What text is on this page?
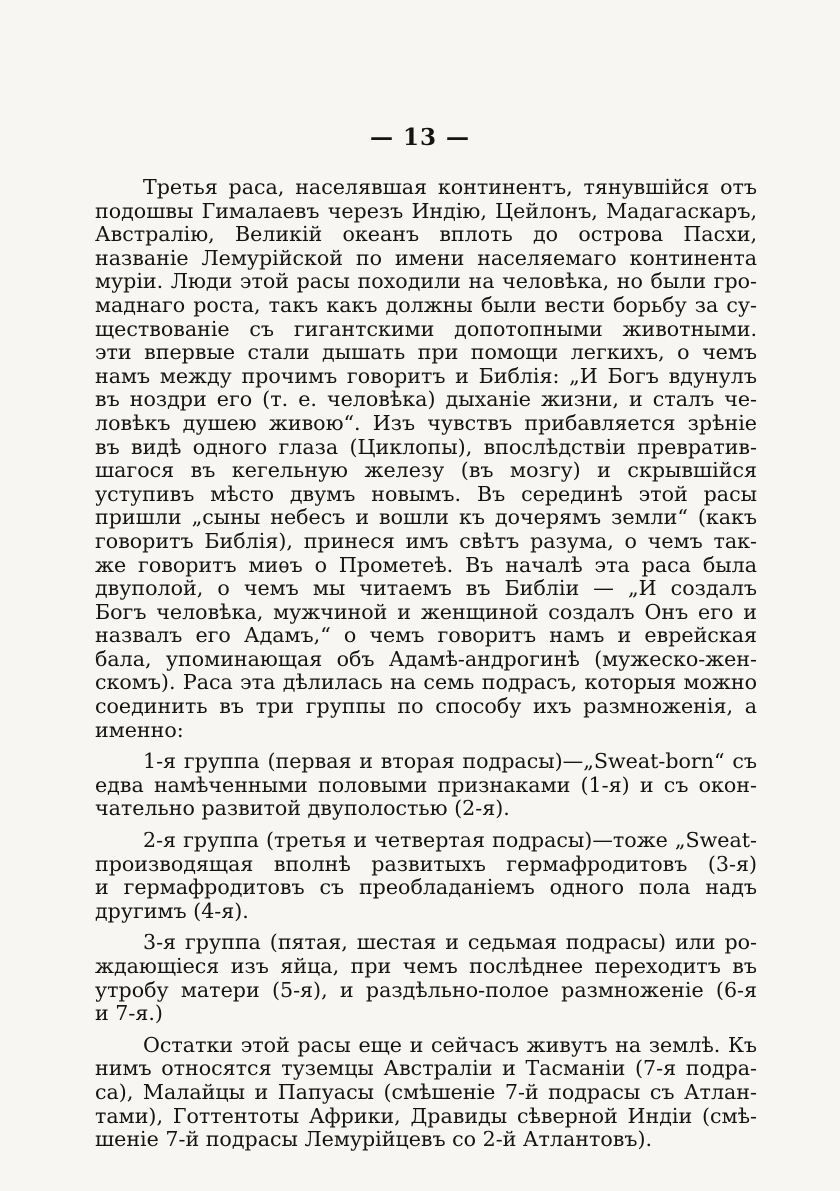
— 13 —
Третья раса, населявшая континентъ, тянувшійся отъ
подошвы Гималаевъ черезъ Индію, Цейлонъ, Мадагаскаръ,
Австралію, Великій океанъ вплоть до острова Пасхи,
названіе Лемурійской по имени населяемаго континента
муріи. Люди этой расы походили на человѣка, но были гро-
маднаго роста, такъ какъ должны были вести борьбу за су-
ществованіе съ гигантскими допотопными животными.
эти впервые стали дышать при помощи легкихъ, о чемъ
намъ между прочимъ говоритъ и Библія: „И Богъ вдунулъ
въ ноздри его (т. е. человѣка) дыханіе жизни, и сталъ че-
ловѣкъ душею живою“. Изъ чувствъ прибавляется зрѣніе
въ видѣ одного глаза (Циклопы), впослѣдствіи превратив-
шагося въ кегельную железу (въ мозгу) и скрывшійся
уступивъ мѣсто двумъ новымъ. Въ серединѣ этой расы
пришли „сыны небесъ и вошли къ дочерямъ земли“ (какъ
говоритъ Библія), принеся имъ свѣтъ разума, о чемъ так-
же говоритъ миѳъ о Прометеѣ. Въ началѣ эта раса былa
двуполой, о чемъ мы читаемъ въ Библіи — „И создалъ
Богъ человѣка, мужчиной и женщиной создалъ Онъ его и
назвалъ его Адамъ,“ о чемъ говоритъ намъ и еврейская
бала, упоминающая объ Адамѣ-андрогинѣ (мужеско-жен-
скомъ). Раса эта дѣлилась на семь подрасъ, которыя можно
соединить въ три группы по способу ихъ размноженія, а
именно:
1-я группа (первая и вторая подрасы)—„Sweat-born“ съ
едва намѣченными половыми признаками (1-я) и съ окон-
чательно развитой двуполостью (2-я).
2-я группа (третья и четвертая подрасы)—тоже „Sweat-
производящая вполнѣ развитыхъ гермафродитовъ (3-я)
и гермафродитовъ съ преобладаніемъ одного пола надъ
другимъ (4-я).
3-я группа (пятая, шестая и седьмая подрасы) или ро-
ждающіеся изъ яйца, при чемъ послѣднее переходитъ въ
утробу матери (5-я), и раздѣльно-полое размноженіе (6-я
и 7-я.)
Остатки этой расы еще и сейчасъ живутъ на землѣ. Къ
нимъ относятся туземцы Австраліи и Тасманіи (7-я подра-
са), Малайцы и Папуасы (смѣшеніе 7-й подрасы съ Атлан-
тами), Готтентоты Африки, Дравиды сѣверной Индіи (смѣ-
шеніе 7-й подрасы Лемурійцевъ со 2-й Атлантовъ).
